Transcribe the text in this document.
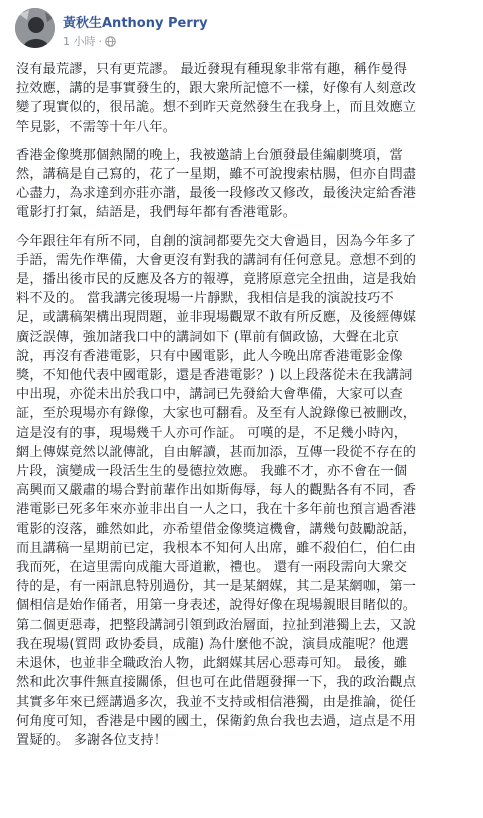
黃秋生Anthony Perry
1 小時 ·
沒有最荒謬，只有更荒謬。 最近發現有種現象非常有趣，稱作曼得
拉效應，講的是事實發生的，跟大衆所記憶不一樣，好像有人刻意改
變了現實似的，很吊詭。想不到昨天竟然發生在我身上，而且效應立
竿見影，不需等十年八年。
香港金像獎那個熱鬧的晚上，我被邀請上台頒發最佳編劇獎項，當
然，講稿是自己寫的，花了一星期，雖不可說搜索枯腸，但亦自問盡
心盡力，為求達到亦莊亦諧，最後一段修改又修改，最後決定給香港
電影打打氣，結語是，我們每年都有香港電影。
今年跟往年有所不同，自創的演詞都要先交大會過目，因為今年多了
手語，需先作準備，大會更沒有對我的講詞有任何意見。意想不到的
是，播出後市民的反應及各方的報導，竟將原意完全扭曲，這是我始
料不及的。 當我講完後現場一片靜默，我相信是我的演說技巧不
足，或講稿架構出現問題，並非現場觀眾不敢有所反應，及後經傳媒
廣泛誤傳，強加諸我口中的講詞如下 (單前有個政協，大聲在北京
說，再沒有香港電影，只有中國電影，此人今晚出席香港電影金像
獎，不知他代表中國電影，還是香港電影？) 以上段落從未在我講詞
中出現，亦從未出於我口中，講詞已先發給大會準備，大家可以查
証，至於現場亦有錄像，大家也可翻看。及至有人說錄像已被刪改，
這是沒有的事，現場幾千人亦可作証。 可嘆的是，不足幾小時內，
網上傳媒竟然以訛傳訛，自由解讀，甚而加添，互傳一段從不存在的
片段，演變成一段活生生的曼德拉效應。 我雖不才，亦不會在一個
高興而又嚴肅的場合對前輩作出如斯侮辱，每人的觀點各有不同，香
港電影已死多年來亦並非出自一人之口，我在十多年前也預言過香港
電影的沒落，雖然如此，亦希望借金像獎這機會，講幾句鼓勵說話，
而且講稿一星期前已定，我根本不知何人出席，雖不殺伯仁，伯仁由
我而死，在這里需向成龍大哥道歉，禮也。 還有一兩段需向大衆交
待的是，有一兩訊息特別過份，其一是某網媒，其二是某網咖，第一
個相信是始作俑者，用第一身表述，說得好像在現場親眼目睹似的。
第二個更惡毒，把整段講詞引領到政治層面，拉扯到港獨上去，又說
我在現場(質問 政协委員，成龍) 為什麼他不說，演員成龍呢？他選
未退休，也並非全職政治人物，此網媒其居心惡毒可知。 最後，雖
然和此次事件無直接關係，但也可在此借題發揮一下，我的政治觀点
其實多年來已經講過多次，我並不支持或相信港獨，由是推論，從任
何角度可知，香港是中國的國土，保衛釣魚台我也去過，這点是不用
置疑的。 多謝各位支持！
